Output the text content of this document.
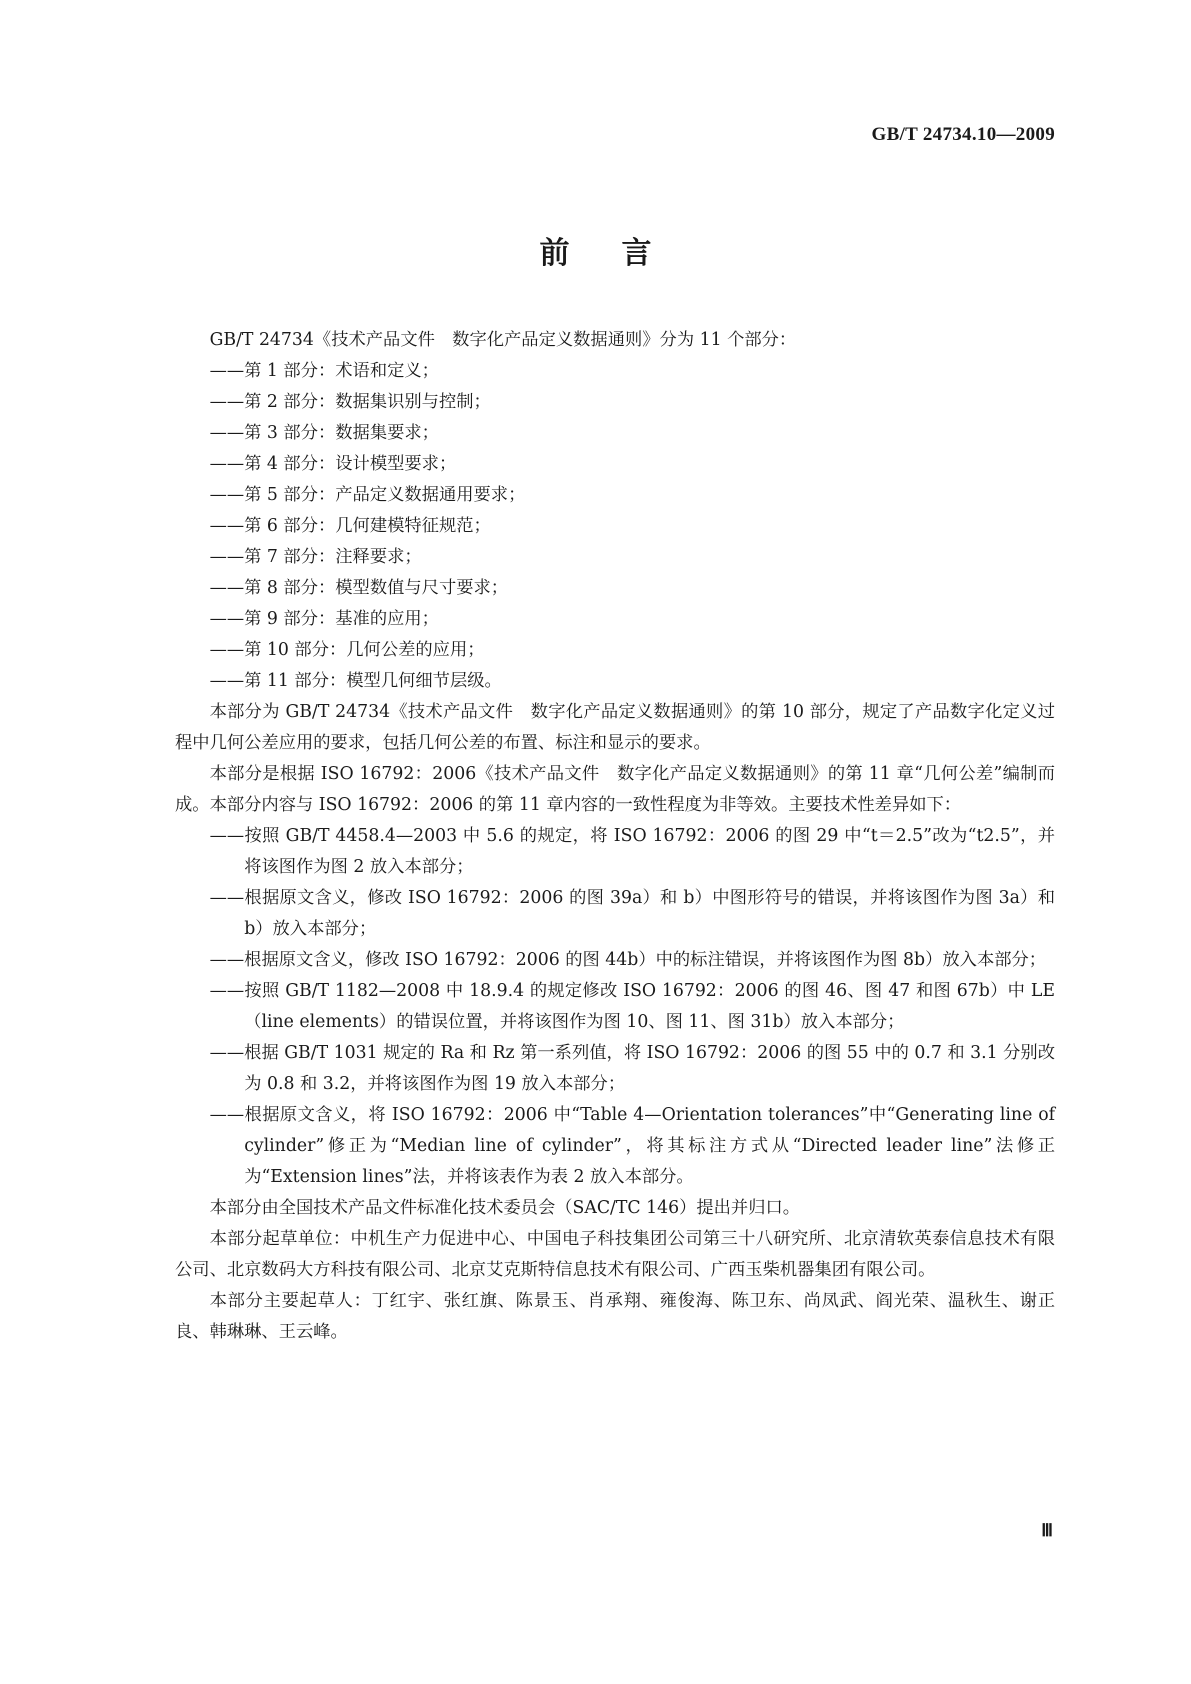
GB/T 24734.10—2009
前言

GB/T 24734《技术产品文件　数字化产品定义数据通则》分为 11 个部分：

——第 1 部分：术语和定义；

——第 2 部分：数据集识别与控制；

——第 3 部分：数据集要求；

——第 4 部分：设计模型要求；

——第 5 部分：产品定义数据通用要求；

——第 6 部分：几何建模特征规范；

——第 7 部分：注释要求；

——第 8 部分：模型数值与尺寸要求；

——第 9 部分：基准的应用；

——第 10 部分：几何公差的应用；

——第 11 部分：模型几何细节层级。

本部分为 GB/T 24734《技术产品文件　数字化产品定义数据通则》的第 10 部分，规定了产品数字化定义过程中几何公差应用的要求，包括几何公差的布置、标注和显示的要求。

本部分是根据 ISO 16792：2006《技术产品文件　数字化产品定义数据通则》的第 11 章“几何公差”编制而成。本部分内容与 ISO 16792：2006 的第 11 章内容的一致性程度为非等效。主要技术性差异如下：

——按照 GB/T 4458.4—2003 中 5.6 的规定，将 ISO 16792：2006 的图 29 中“t＝2.5”改为“t2.5”，并将该图作为图 2 放入本部分；

——根据原文含义，修改 ISO 16792：2006 的图 39a）和 b）中图形符号的错误，并将该图作为图 3a）和 b）放入本部分；

——根据原文含义，修改 ISO 16792：2006 的图 44b）中的标注错误，并将该图作为图 8b）放入本部分；

——按照 GB/T 1182—2008 中 18.9.4 的规定修改 ISO 16792：2006 的图 46、图 47 和图 67b）中 LE（line elements）的错误位置，并将该图作为图 10、图 11、图 31b）放入本部分；

——根据 GB/T 1031 规定的 Ra 和 Rz 第一系列值，将 ISO 16792：2006 的图 55 中的 0.7 和 3.1 分别改为 0.8 和 3.2，并将该图作为图 19 放入本部分；

——根据原文含义，将 ISO 16792：2006 中“Table 4—Orientation tolerances”中“Generating line of cylinder”修正为“Median line of cylinder”，将其标注方式从“Directed leader line”法修正为“Extension lines”法，并将该表作为表 2 放入本部分。

本部分由全国技术产品文件标准化技术委员会（SAC/TC 146）提出并归口。

本部分起草单位：中机生产力促进中心、中国电子科技集团公司第三十八研究所、北京清软英泰信息技术有限公司、北京数码大方科技有限公司、北京艾克斯特信息技术有限公司、广西玉柴机器集团有限公司。

本部分主要起草人：丁红宇、张红旗、陈景玉、肖承翔、雍俊海、陈卫东、尚凤武、阎光荣、温秋生、谢正良、韩琳琳、王云峰。

Ⅲ
